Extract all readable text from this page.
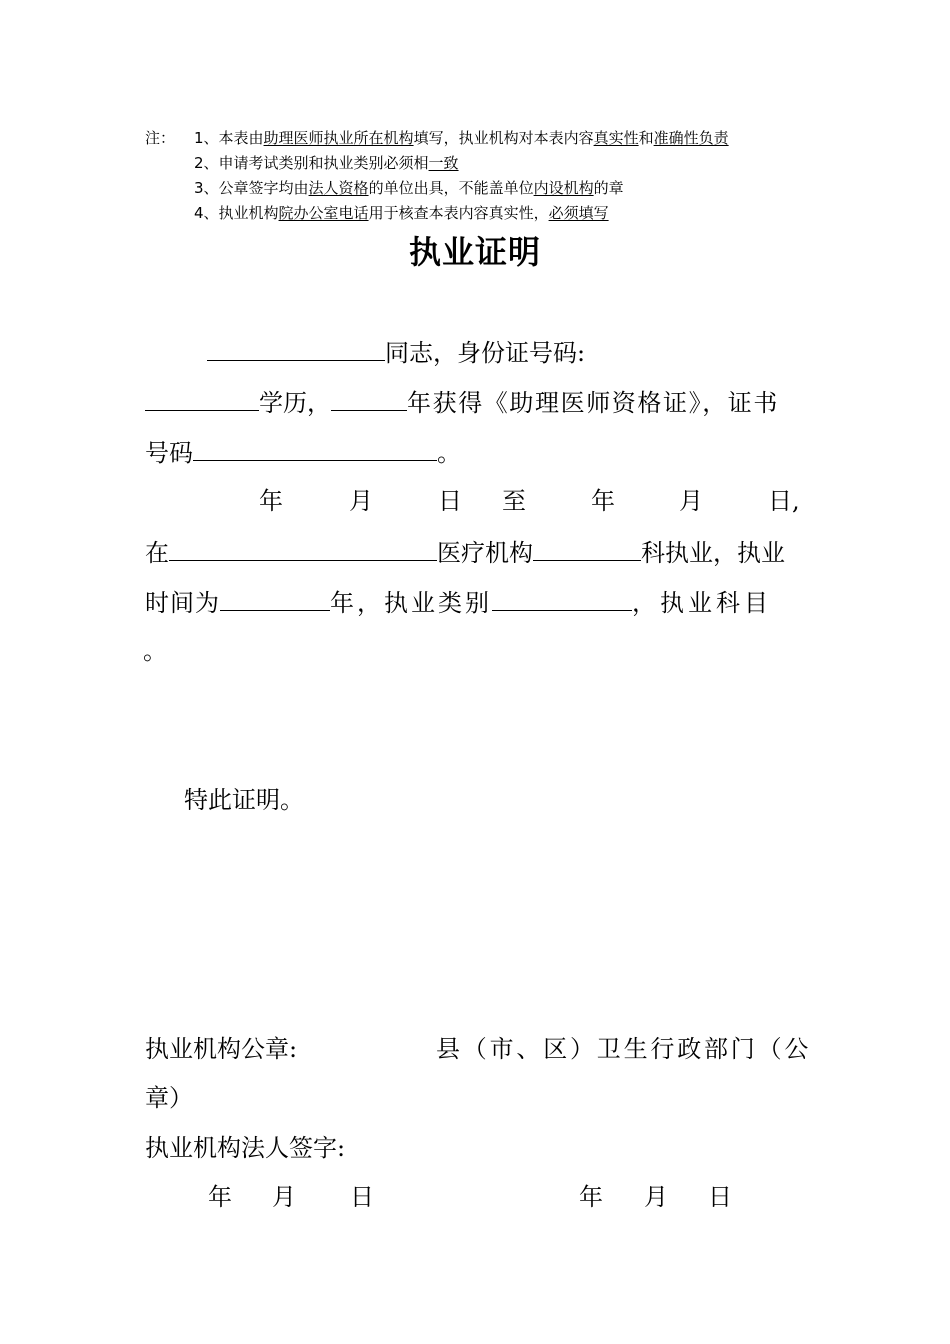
注： 1、本表由助理医师执业所在机构填写，执业机构对本表内容真实性和准确性负责
2、申请考试类别和执业类别必须相一致
3、公章签字均由法人资格的单位出具，不能盖单位内设机构的章
4、执业机构院办公室电话用于核查本表内容真实性，必须填写
执业证明
同志，身份证号码:
学历，	年获得《助理医师资格证》，证书
号码	。
年	月	日 至	年	月	日,
在	医疗机构	科执业，执业
时间为	年，执业类别	，执业科目
。
特此证明。
执业机构公章:	县（市、区）卫生行政部门（公
章）
执业机构法人签字:
年 月 日	年 月 日
